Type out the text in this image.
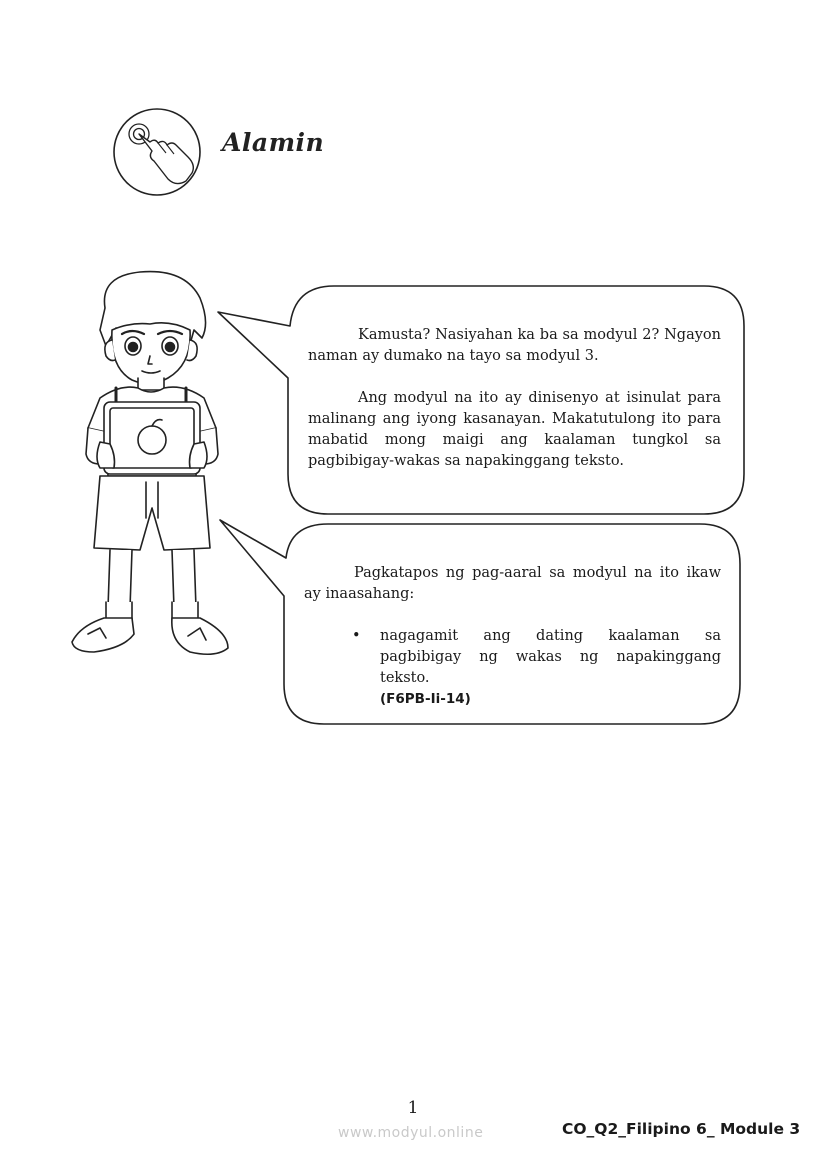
Alamin

Kamusta? Nasiyahan ka ba sa modyul 2? Ngayon naman ay dumako na tayo sa modyul 3.

Ang modyul na ito ay dinisenyo at isinulat para malinang ang iyong kasanayan. Makatutulong ito para mabatid mong maigi ang kaalaman tungkol sa pagbibigay-wakas sa napakinggang teksto.

Pagkatapos ng pag-aaral sa modyul na ito ikaw ay inaasahang:

• nagagamit ang dating kaalaman sa pagbibigay ng wakas ng napakinggang teksto.
(F6PB-Ii-14)
1
www.modyul.online	CO_Q2_Filipino 6_ Module 3
